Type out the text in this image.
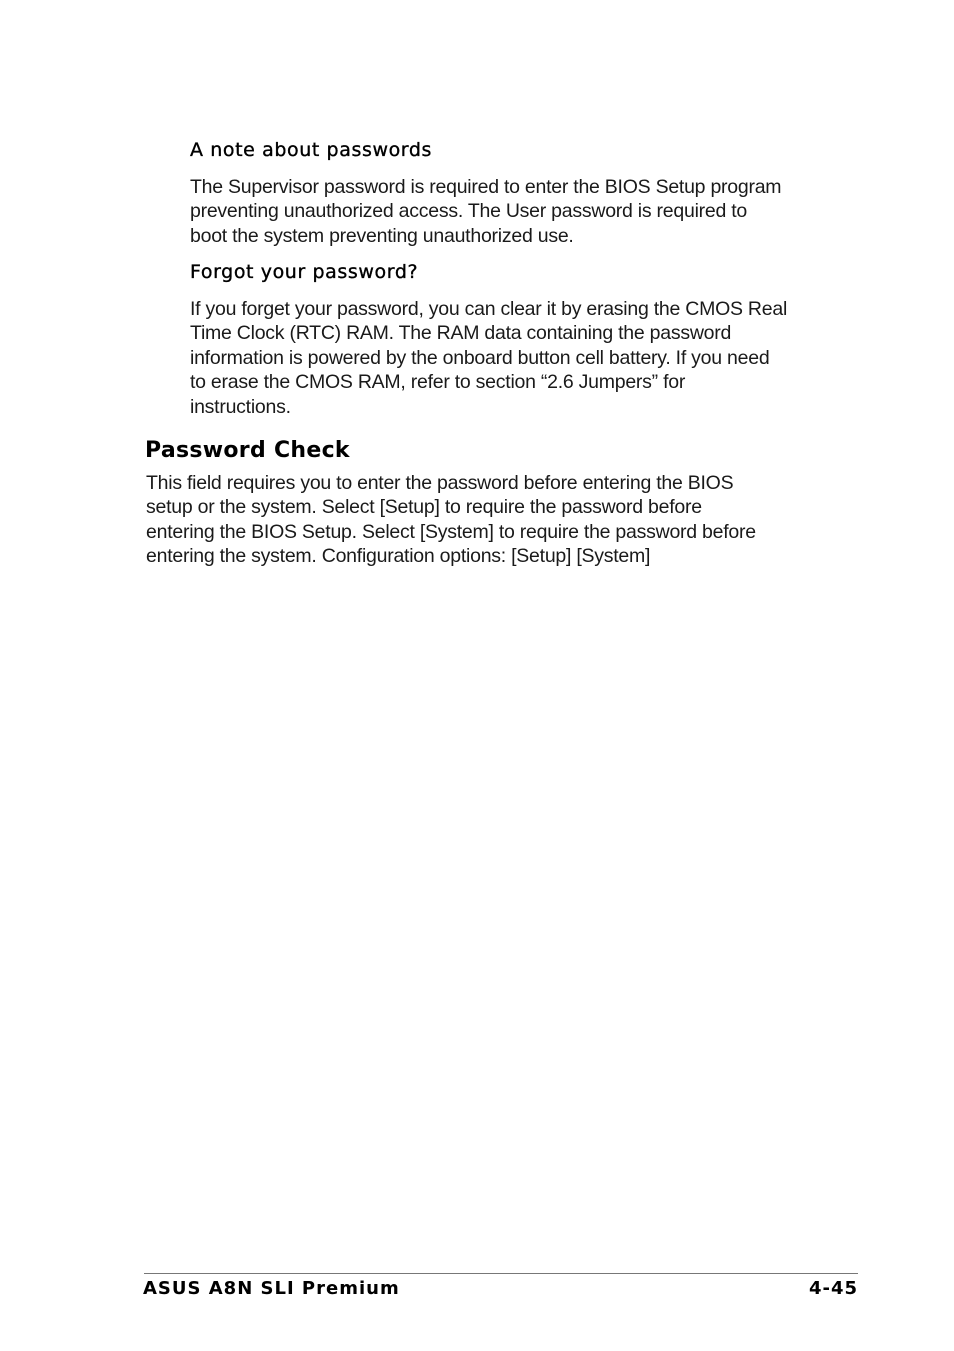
A note about passwords
The Supervisor password is required to enter the BIOS Setup program
preventing unauthorized access. The User password is required to
boot the system preventing unauthorized use.
Forgot your password?
If you forget your password, you can clear it by erasing the CMOS Real
Time Clock (RTC) RAM. The RAM data containing the password
information is powered by the onboard button cell battery. If you need
to erase the CMOS RAM, refer to section “2.6 Jumpers” for
instructions.
Password Check
This field requires you to enter the password before entering the BIOS
setup or the system. Select [Setup] to require the password before
entering the BIOS Setup. Select [System] to require the password before
entering the system. Configuration options: [Setup] [System]

ASUS A8N SLI Premium	4-45
